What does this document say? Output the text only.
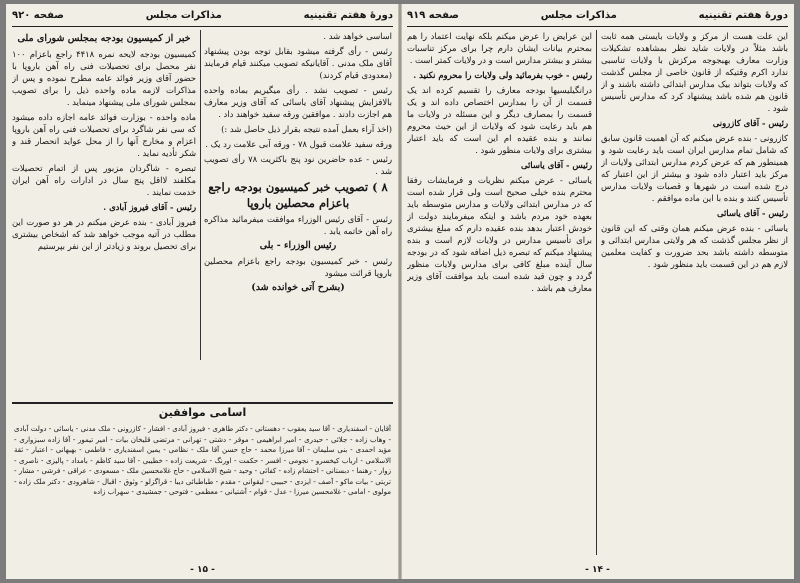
دورهٔ هفتم تقنینیه
مذاکرات مجلس
صفحه ۹۲۰

اساسی خواهد شد .

رئیس - رأی گرفته میشود بقابل توجه بودن پیشنهاد آقای ملک مدنی . آقایانیکه تصویب میکنند قیام فرمایند (معدودی قیام کردند)

رئیس - تصویب نشد . رأی میگیریم بماده واحده بالافزایش پیشنهاد آقای یاسائی که آقای وزیر معارف هم اجازت دادند . موافقین ورقه سفید خواهند داد .

(اخذ آراء بعمل آمده نتیجه بقرار ذیل حاصل شد :)

ورقه سفید علامت قبول ۷۸ - ورقه آبی علامت رد یک .

رئیس - عده حاضرین نود پنج باکثریت ۷۸ رأی تصویب شد .

۸ ) تصویب خبر کمیسیون بودجه راجع

باعزام محصلین باروپا

رئیس - آقای رئیس الوزراء موافقت میفرمائید مذاکره راه آهن خاتمه یابد .

رئیس الوزراء - بلی

رئیس - خبر کمیسیون بودجه راجع باعزام محصلین باروپا قرائت میشود

(بشرح آتی خوانده شد)

خبر از کمیسیون بودجه بمجلس شورای ملی

کمیسیون بودجه لایحه نمره ۴۴۱۸ راجع باعزام ۱۰۰ نفر محصل برای تحصیلات فنی راه آهن باروپا با حضور آقای وزیر فوائد عامه مطرح نموده و پس از مذاکرات لازمه ماده واحده ذیل را برای تصویب بمجلس شورای ملی پیشنهاد مینماید .

ماده واحده - بوزارت فوائد عامه اجازه داده میشود که سی نفر شاگرد برای تحصیلات فنی راه آهن باروپا اعزام و مخارج آنها را از محل عواید انحصار قند و شکر تأدیه نماید .

تبصره - شاگردان مزبور پس از اتمام تحصیلات مکلفند لااقل پنج سال در ادارات راه آهن ایران خدمت نمایند .

رئیس - آقای فیروز آبادی .

فیروز آبادی - بنده عرض میکنم در هر دو صورت این مطلب در آتیه موجب خواهد شد که اشخاص بیشتری برای تحصیل بروند و زیادتر از این نفر بپرستیم

اسامی موافقین
آقایان - اسفندیاری - آقا سید یعقوب - دهستانی - دکتر طاهری - فیروز آبادی - افشار - کازرونی - ملک مدنی - یاسائی - دولت آبادی - وهاب زاده - جلائی - حیدری - امیر ابراهیمی - موقر - دشتی - تهرانی - مرتضی قلیخان بیات - امیر تیمور - آقا زاده سبزواری - مؤید احمدی - بنی سلیمان - آقا میرزا محمد - حاج حسن آقا ملک - نظامی - یمین اسفندیاری - فاطمی - بهبهانی - اعتبار - ثقة الاسلامی - ارباب کیخسرو - نجومی - افسر - حکمت - اورنگ - شریعت زاده - خطیبی - آقا سید کاظم - بامداد - پالیزی - ناصری - زوار - رهنما - دبستانی - احتشام زاده - کفائی - وحید - شیخ الاسلامی - حاج غلامحسین ملک - مسعودی - عراقی - فرشی - مشار - تربتی - بیات ماکو - آصف - ایزدی - حبیبی - لیقوانی - مقدم - طباطبائی دیبا - قراگزلو - وثوق - اقبال - شاهرودی - دکتر ملک زاده - مولوی - امامی - غلامحسین میرزا - عدل - قوام - آشتیانی - معظمی - فتوحی - جمشیدی - سهراب زاده
- ۱۵ -
دورهٔ هفتم تقنینیه
مذاکرات مجلس
صفحه ۹۱۹

این علت هست از مرکز و ولایات بایستی همه ثابت باشد مثلاً در ولایات شاید نظر بمشاهده تشکیلات وزارت معارف بهبجوجه مرکزش با ولایات تناسبی ندارد اکرم وقتیکه از قانون خاصی از مجلس گذشت که ولایات بتواند بیک مدارس ابتدائی داشته باشند و از قانون هم شده باشد پیشنهاد کرد که مدارس تأسیس شود .

رئیس - آقای کازرونی

کازرونی - بنده عرض میکنم که آن اهمیت قانون سابق که شامل تمام مدارس ایران است باید رعایت شود و همینطور هم که عرض کردم مدارس ابتدائی ولایات از مرکز باید اعتبار داده شود و بیشتر از این اعتبار که درج شده است در شهرها و قصبات ولایات مدارس تأسیس کنند و بنده با این ماده موافقم .

رئیس - آقای یاسائی

یاسائی - بنده عرض میکنم همان وقتی که این قانون از نظر مجلس گذشت که هر ولایتی مدارس ابتدائی و متوسطه داشته باشد بحد ضرورت و کفایت معلمین لازم هم در این قسمت باید منظور شود .

این عرایض را عرض میکنم بلکه نهایت اعتماد را هم بمحترم بیانات ایشان دارم چرا برای مرکز تناسبات بیشتر و بیشتر مدارس است و در ولایات کمتر است .

رئیس - خوب بفرمائید ولی ولایات را محروم نکنید .

درانگیلیسیها بودجه معارف را تقسیم کرده اند یک قسمت از آن را بمدارس اختصاص داده اند و یک قسمت را بمصارف دیگر و این مسئله در ولایات ما هم باید رعایت شود که ولایات از این حیث محروم نمانند و بنده عقیده ام این است که باید اعتبار بیشتری برای ولایات منظور شود .

رئیس - آقای یاسائی

یاسائی - عرض میکنم نظریات و فرمایشات رفقا محترم بنده خیلی صحیح است ولی قرار شده است که در مدارس ابتدائی ولایات و مدارس متوسطه باید بعهده خود مردم باشد و اینکه میفرمایند دولت از خودش اعتبار بدهد بنده عقیده دارم که مبلغ بیشتری برای تأسیس مدارس در ولایات لازم است و بنده پیشنهاد میکنم که تبصره ذیل اضافه شود که در بودجه سال آینده مبلغ کافی برای مدارس ولایات منظور گردد و چون قید شده است باید موافقت آقای وزیر معارف هم باشد .

- ۱۴ -
